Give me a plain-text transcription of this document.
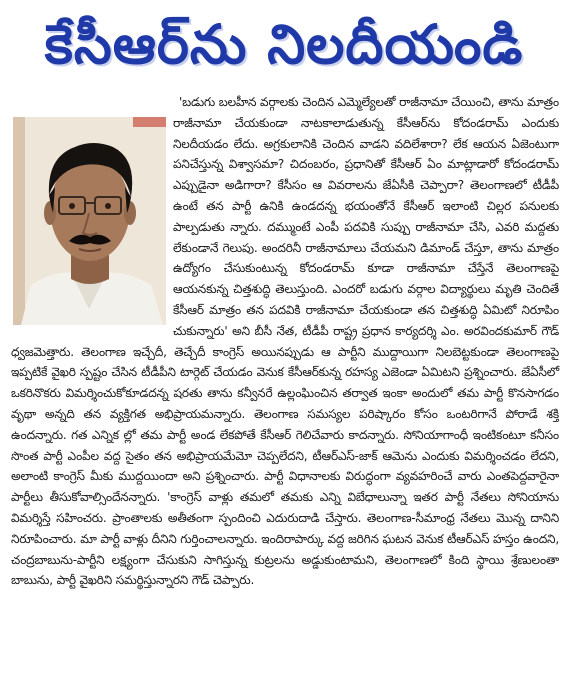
కేసీఆర్‌ను నిలదీయండి

'బడుగు బలహీన వర్గాలకు చెందిన ఎమ్మెల్యేలతో రాజీనామా చేయించి, తాను మాత్రం రాజీనామా చేయకుండా నాటకాలాడుతున్న కేసీఆర్‌ను కోదండరామ్‌ ఎందుకు నిలదీయడం లేదు. అగ్రకులానికి చెందిన వాడని వదిలేశారా? లేక ఆయన ఏజెంటుగా పనిచేస్తున్న విశ్వాసమా? చిదంబరం, ప్రధానితో కేసీఆర్‌ ఏం మాట్లాడారో కోదండరామ్‌ ఎప్పుడైనా అడిగారా? కేసీసం ఆ వివరాలను జేఏసీకి చెప్పారా? తెలంగాణలో టీడీపీ ఉంటే తన పార్టీ ఉనికి ఉండదన్న భయంతోనే కేసీఆర్‌ ఇలాంటి చిల్లర పనులకు పాల్పడుతు న్నారు. దమ్ముంటే ఎంపీ పదవికి సుప్పు రాజీనామా చేసి, ఎవరి మద్దతు లేకుండానే గెలుపు. అందరినీ రాజీనామాలు చేయమని డిమాండ్‌ చేస్తూ, తాను మాత్రం ఉద్యోగం చేసుకుంటున్న కోదండరామ్‌ కూడా రాజీనామా చేస్తేనే తెలంగాణపై ఆయనకున్న చిత్తశుద్ధి తెలుస్తుంది. ఎందరో బడుగు వర్గాల విద్యార్థులు మృతి చెందితే కేసీఆర్‌ మాత్రం తన పదవికి రాజీనామా చేయకుండా తన చిత్తశుద్ధి ఏమిటో నిరూపిం చుకున్నారు' అని బీసీ నేత, టీడీపీ రాష్ట్ర ప్రధాన కార్యదర్శి ఎం. అరవిందకుమార్‌ గౌడ్‌ ధ్వజమెత్తారు. తెలంగాణ ఇచ్చేదీ, తెచ్చేదీ కాంగ్రెస్‌ అయినప్పుడు ఆ పార్టీని ముద్దాయిగా నిలబెట్టకుండా తెలంగాణపై ఇప్పటికే వైఖరి స్పష్టం చేసిన టీడీపీని టార్గెట్‌ చేయడం వెనుక కేసీఆర్‌కున్న రహస్య ఎజెండా ఏమిటని ప్రశ్నించారు. జేఏసీలో ఒకరినొకరు విమర్శించుకోకూడదన్న షరతు తాను కన్వీనరే ఉల్లంఘించిన తర్వాత ఇంకా అందులో తమ పార్టీ కొనసాగడం వృథా అన్నది తన వ్యక్తిగత అభిప్రాయమన్నారు. తెలంగాణ సమస్యల పరిష్కారం కోసం ఒంటరిగానే పోరాడే శక్తి ఉందన్నారు. గత ఎన్నిక ల్లో తమ పార్టీ అండ లేకపోతే కేసీఆర్‌ గెలిచేవారు కాదన్నారు. సోనియాగాంధీ ఇంటికంటూ కనీసం సొంత పార్టీ ఎంపీల వద్ద సైతం తన అభిప్రాయమేమో చెప్పలేదని, టీఆర్‌ఎస్‌-జాక్‌ ఆమెను ఎందుకు విమర్శించడం లేదని, అలాంటి కాంగ్రెస్‌ మీకు ముద్దయిందా అని ప్రశ్నించారు. పార్టీ విధానాలకు విరుద్ధంగా వ్యవహరించే వారు ఎంతపెద్దవారైనా పార్టీలు తీసుకోవాల్సిందేనన్నారు. 'కాంగ్రెస్‌ వాళ్లు తమలో తమకు ఎన్ని విబేధాలున్నా ఇతర పార్టీ నేతలు సోనియాను విమర్శిస్తే సహించరు. ప్రాంతాలకు అతీతంగా స్పందించి ఎదురుదాడి చేస్తారు. తెలంగాణ-సీమాంధ్ర నేతలు మొన్న దానిని నిరూపించారు. మా పార్టీ వాళ్లు దీనిని గుర్తించాలన్నారు. ఇందిరాపార్కు వద్ద జరిగిన ఘటన వెనుక టీఆర్‌ఎస్‌ హస్తం ఉందని, చంద్రబాబును-పార్టీని లక్ష్యంగా చేసుకుని సాగిస్తున్న కుట్రలను అడ్డుకుంటామని, తెలంగాణలో కింది స్థాయి శ్రేణులంతా బాబును, పార్టీ వైఖరిని సమర్థిస్తున్నారని గౌడ్‌ చెప్పారు.
